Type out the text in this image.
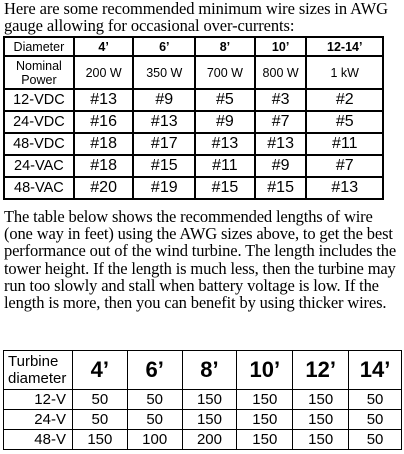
Here are some recommended minimum wire sizes in AWG gauge allowing for occasional over-currents:
Diameter	4’	6’	8’	10’	12-14’
Nominal Power	200 W	350 W	700 W	800 W	1 kW
12-VDC	#13	#9	#5	#3	#2
24-VDC	#16	#13	#9	#7	#5
48-VDC	#18	#17	#13	#13	#11
24-VAC	#18	#15	#11	#9	#7
48-VAC	#20	#19	#15	#15	#13
The table below shows the recommended lengths of wire (one way in feet) using the AWG sizes above, to get the best performance out of the wind turbine. The length includes the tower height. If the length is much less, then the turbine may run too slowly and stall when battery voltage is low. If the length is more, then you can benefit by using thicker wires.
Turbine diameter	4’	6’	8’	10’	12’	14’
12-V	50	50	150	150	150	50
24-V	50	50	150	150	150	50
48-V	150	100	200	150	150	50
